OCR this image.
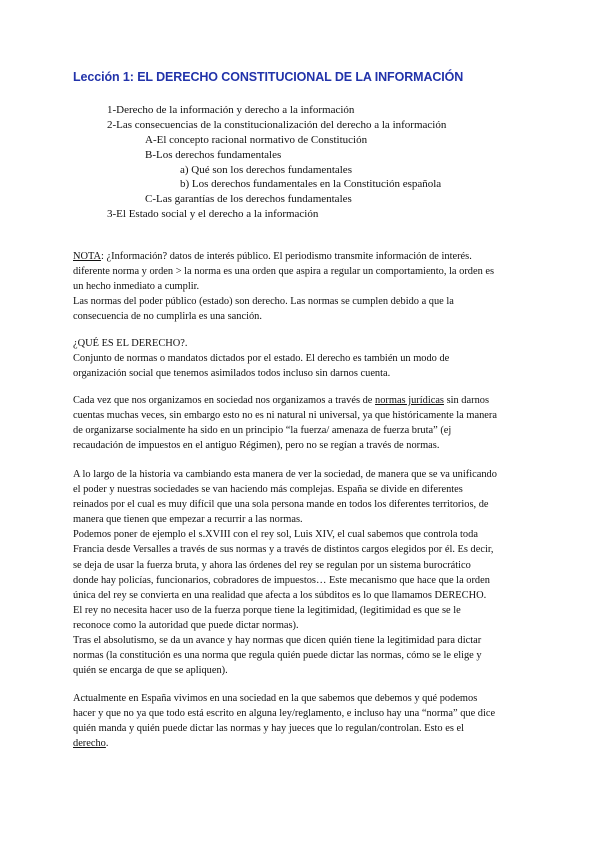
Lección 1: EL DERECHO CONSTITUCIONAL DE LA INFORMACIÓN
1-Derecho de la información y derecho a la información
2-Las consecuencias de la constitucionalización del derecho a la información
A-El concepto racional normativo de Constitución
B-Los derechos fundamentales
a) Qué son los derechos fundamentales
b) Los derechos fundamentales en la Constitución española
C-Las garantías de los derechos fundamentales
3-El Estado social y el derecho a la información

NOTA: ¿Información? datos de interés público. El periodismo transmite información de interés.

diferente norma y orden > la norma es una orden que aspira a regular un comportamiento, la orden es

un hecho inmediato a cumplir.

Las normas del poder público (estado) son derecho. Las normas se cumplen debido a que la

consecuencia de no cumplirla es una sanción.

¿QUÉ ES EL DERECHO?.

Conjunto de normas o mandatos dictados por el estado. El derecho es también un modo de

organización social que tenemos asimilados todos incluso sin darnos cuenta.

Cada vez que nos organizamos en sociedad nos organizamos a través de normas jurídicas sin darnos

cuentas muchas veces, sin embargo esto no es ni natural ni universal, ya que históricamente la manera

de organizarse socialmente ha sido en un principio “la fuerza/ amenaza de fuerza bruta” (ej

recaudación de impuestos en el antiguo Régimen), pero no se regían a través de normas.

A lo largo de la historia va cambiando esta manera de ver la sociedad, de manera que se va unificando

el poder y nuestras sociedades se van haciendo más complejas. España se divide en diferentes

reinados por el cual es muy difícil que una sola persona mande en todos los diferentes territorios, de

manera que tienen que empezar a recurrir a las normas.

Podemos poner de ejemplo el s.XVIII con el rey sol, Luis XIV, el cual sabemos que controla toda

Francia desde Versalles a través de sus normas y a través de distintos cargos elegidos por él. Es decir,

se deja de usar la fuerza bruta, y ahora las órdenes del rey se regulan por un sistema burocrático

donde hay policías, funcionarios, cobradores de impuestos… Este mecanismo que hace que la orden

única del rey se convierta en una realidad que afecta a los súbditos es lo que llamamos DERECHO.

El rey no necesita hacer uso de la fuerza porque tiene la legitimidad, (legitimidad es que se le

reconoce como la autoridad que puede dictar normas).

Tras el absolutismo, se da un avance y hay normas que dicen quién tiene la legitimidad para dictar

normas (la constitución es una norma que regula quién puede dictar las normas, cómo se le elige y

quién se encarga de que se apliquen).

Actualmente en España vivimos en una sociedad en la que sabemos que debemos y qué podemos

hacer y que no ya que todo está escrito en alguna ley/reglamento, e incluso hay una “norma” que dice

quién manda y quién puede dictar las normas y hay jueces que lo regulan/controlan. Esto es el

derecho.
